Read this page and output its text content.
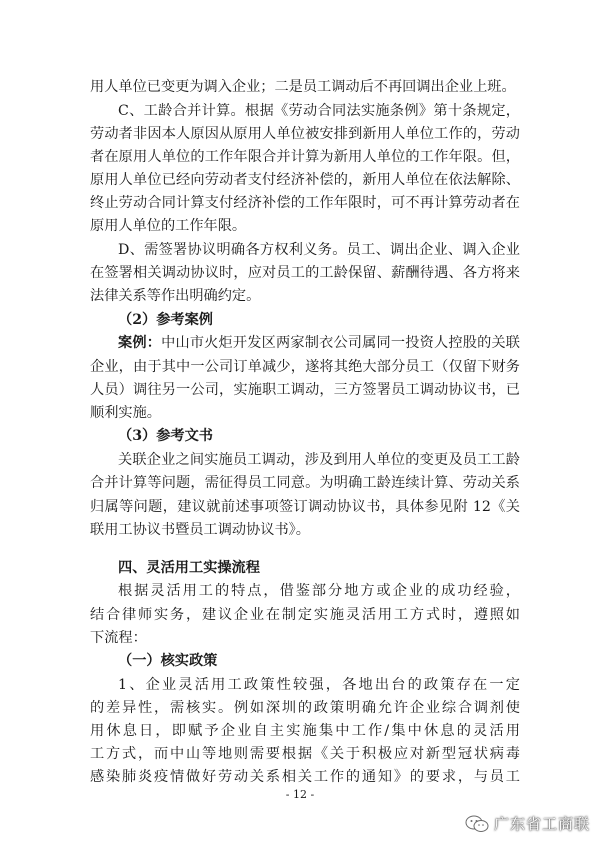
用人单位已变更为调入企业；二是员工调动后不再回调出企业上班。
C、工龄合并计算。根据《劳动合同法实施条例》第十条规定，
劳动者非因本人原因从原用人单位被安排到新用人单位工作的，劳动
者在原用人单位的工作年限合并计算为新用人单位的工作年限。但，
原用人单位已经向劳动者支付经济补偿的，新用人单位在依法解除、
终止劳动合同计算支付经济补偿的工作年限时，可不再计算劳动者在
原用人单位的工作年限。
D、需签署协议明确各方权利义务。员工、调出企业、调入企业
在签署相关调动协议时，应对员工的工龄保留、薪酬待遇、各方将来
法律关系等作出明确约定。
（2）参考案例
案例：中山市火炬开发区两家制衣公司属同一投资人控股的关联
企业，由于其中一公司订单减少，遂将其绝大部分员工（仅留下财务
人员）调往另一公司，实施职工调动，三方签署员工调动协议书，已
顺利实施。
（3）参考文书
关联企业之间实施员工调动，涉及到用人单位的变更及员工工龄
合并计算等问题，需征得员工同意。为明确工龄连续计算、劳动关系
归属等问题，建议就前述事项签订调动协议书，具体参见附 12《关
联用工协议书暨员工调动协议书》。
四、灵活用工实操流程
根据灵活用工的特点，借鉴部分地方或企业的成功经验，
结合律师实务，建议企业在制定实施灵活用工方式时，遵照如
下流程：
（一）核实政策
1、企业灵活用工政策性较强，各地出台的政策存在一定
的差异性，需核实。例如深圳的政策明确允许企业综合调剂使
用休息日，即赋予企业自主实施集中工作/集中休息的灵活用
工方式，而中山等地则需要根据《关于积极应对新型冠状病毒
感染肺炎疫情做好劳动关系相关工作的通知》的要求，与员工
- 12 -
广东省工商联
